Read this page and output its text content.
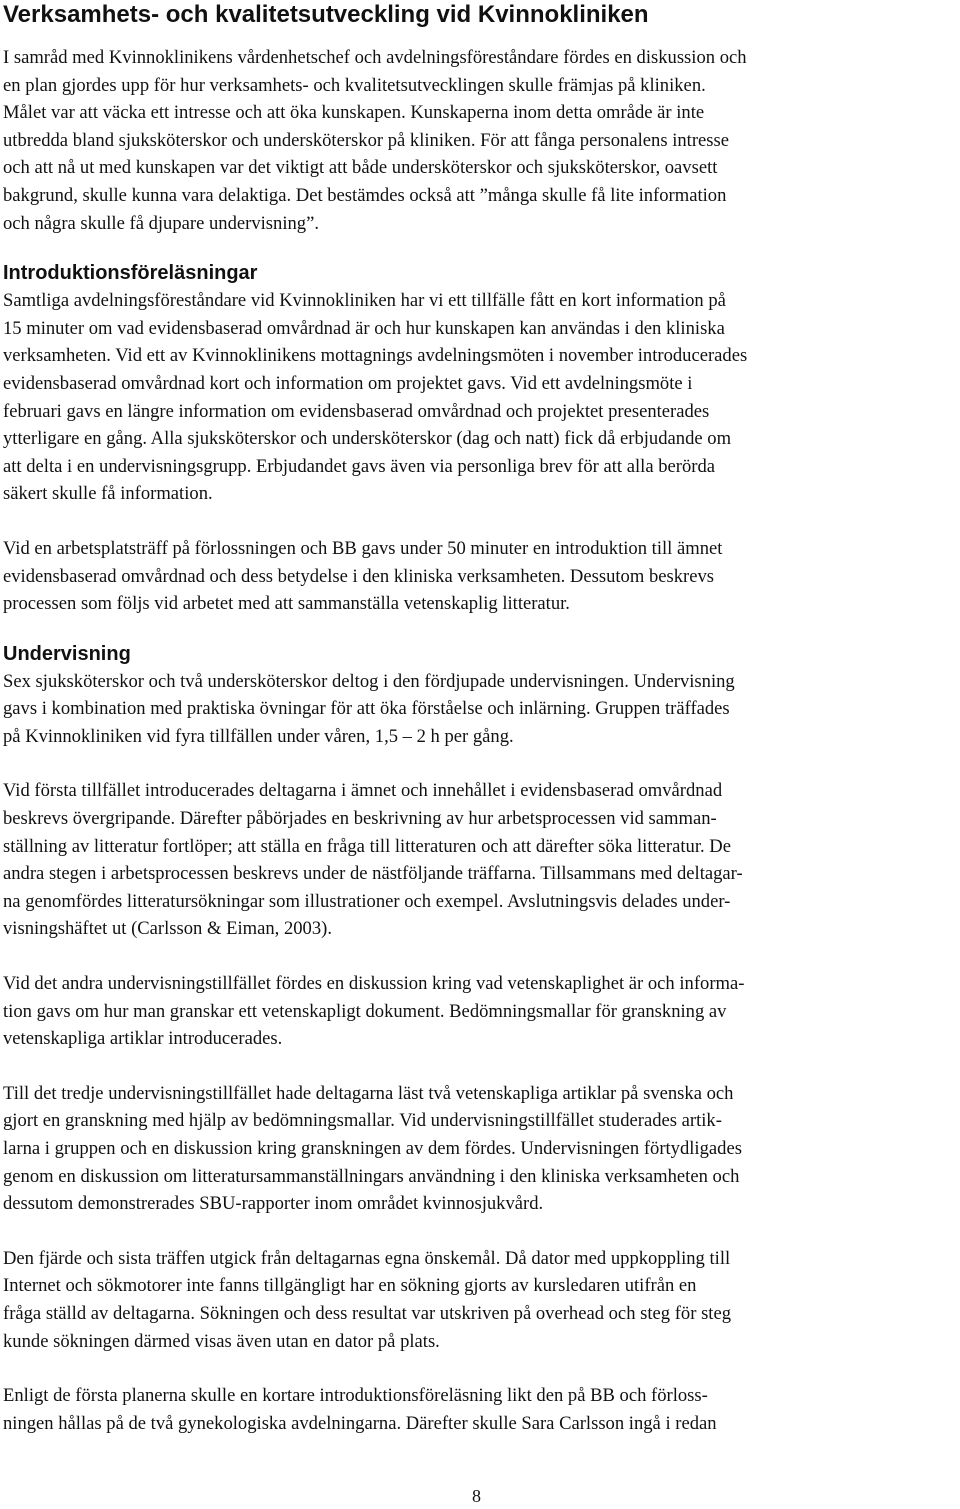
Verksamhets- och kvalitetsutveckling vid Kvinnokliniken

I samråd med Kvinnoklinikens vårdenhetschef och avdelningsföreståndare fördes en diskussion och
en plan gjordes upp för hur verksamhets- och kvalitetsutvecklingen skulle främjas på kliniken.
Målet var att väcka ett intresse och att öka kunskapen. Kunskaperna inom detta område är inte
utbredda bland sjuksköterskor och undersköterskor på kliniken. För att fånga personalens intresse
och att nå ut med kunskapen var det viktigt att både undersköterskor och sjuksköterskor, oavsett
bakgrund, skulle kunna vara delaktiga. Det bestämdes också att ”många skulle få lite information
och några skulle få djupare undervisning”.

Introduktionsföreläsningar

Samtliga avdelningsföreståndare vid Kvinnokliniken har vi ett tillfälle fått en kort information på
15 minuter om vad evidensbaserad omvårdnad är och hur kunskapen kan användas i den kliniska
verksamheten. Vid ett av Kvinnoklinikens mottagnings avdelningsmöten i november introducerades
evidensbaserad omvårdnad kort och information om projektet gavs. Vid ett avdelningsmöte i
februari gavs en längre information om evidensbaserad omvårdnad och projektet presenterades
ytterligare en gång. Alla sjuksköterskor och undersköterskor (dag och natt) fick då erbjudande om
att delta i en undervisningsgrupp. Erbjudandet gavs även via personliga brev för att alla berörda
säkert skulle få information.

Vid en arbetsplatsträff på förlossningen och BB gavs under 50 minuter en introduktion till ämnet
evidensbaserad omvårdnad och dess betydelse i den kliniska verksamheten. Dessutom beskrevs
processen som följs vid arbetet med att sammanställa vetenskaplig litteratur.

Undervisning

Sex sjuksköterskor och två undersköterskor deltog i den fördjupade undervisningen. Undervisning
gavs i kombination med praktiska övningar för att öka förståelse och inlärning. Gruppen träffades
på Kvinnokliniken vid fyra tillfällen under våren, 1,5 – 2 h per gång.

Vid första tillfället introducerades deltagarna i ämnet och innehållet i evidensbaserad omvårdnad
beskrevs övergripande. Därefter påbörjades en beskrivning av hur arbetsprocessen vid samman-
ställning av litteratur fortlöper; att ställa en fråga till litteraturen och att därefter söka litteratur. De
andra stegen i arbetsprocessen beskrevs under de nästföljande träffarna. Tillsammans med deltagar-
na genomfördes litteratursökningar som illustrationer och exempel. Avslutningsvis delades under-
visningshäftet ut (Carlsson & Eiman, 2003).

Vid det andra undervisningstillfället fördes en diskussion kring vad vetenskaplighet är och informa-
tion gavs om hur man granskar ett vetenskapligt dokument. Bedömningsmallar för granskning av
vetenskapliga artiklar introducerades.

Till det tredje undervisningstillfället hade deltagarna läst två vetenskapliga artiklar på svenska och
gjort en granskning med hjälp av bedömningsmallar. Vid undervisningstillfället studerades artik-
larna i gruppen och en diskussion kring granskningen av dem fördes. Undervisningen förtydligades
genom en diskussion om litteratursammanställningars användning i den kliniska verksamheten och
dessutom demonstrerades SBU-rapporter inom området kvinnosjukvård.

Den fjärde och sista träffen utgick från deltagarnas egna önskemål. Då dator med uppkoppling till
Internet och sökmotorer inte fanns tillgängligt har en sökning gjorts av kursledaren utifrån en
fråga ställd av deltagarna. Sökningen och dess resultat var utskriven på overhead och steg för steg
kunde sökningen därmed visas även utan en dator på plats.

Enligt de första planerna skulle en kortare introduktionsföreläsning likt den på BB och förloss-
ningen hållas på de två gynekologiska avdelningarna. Därefter skulle Sara Carlsson ingå i redan

8
